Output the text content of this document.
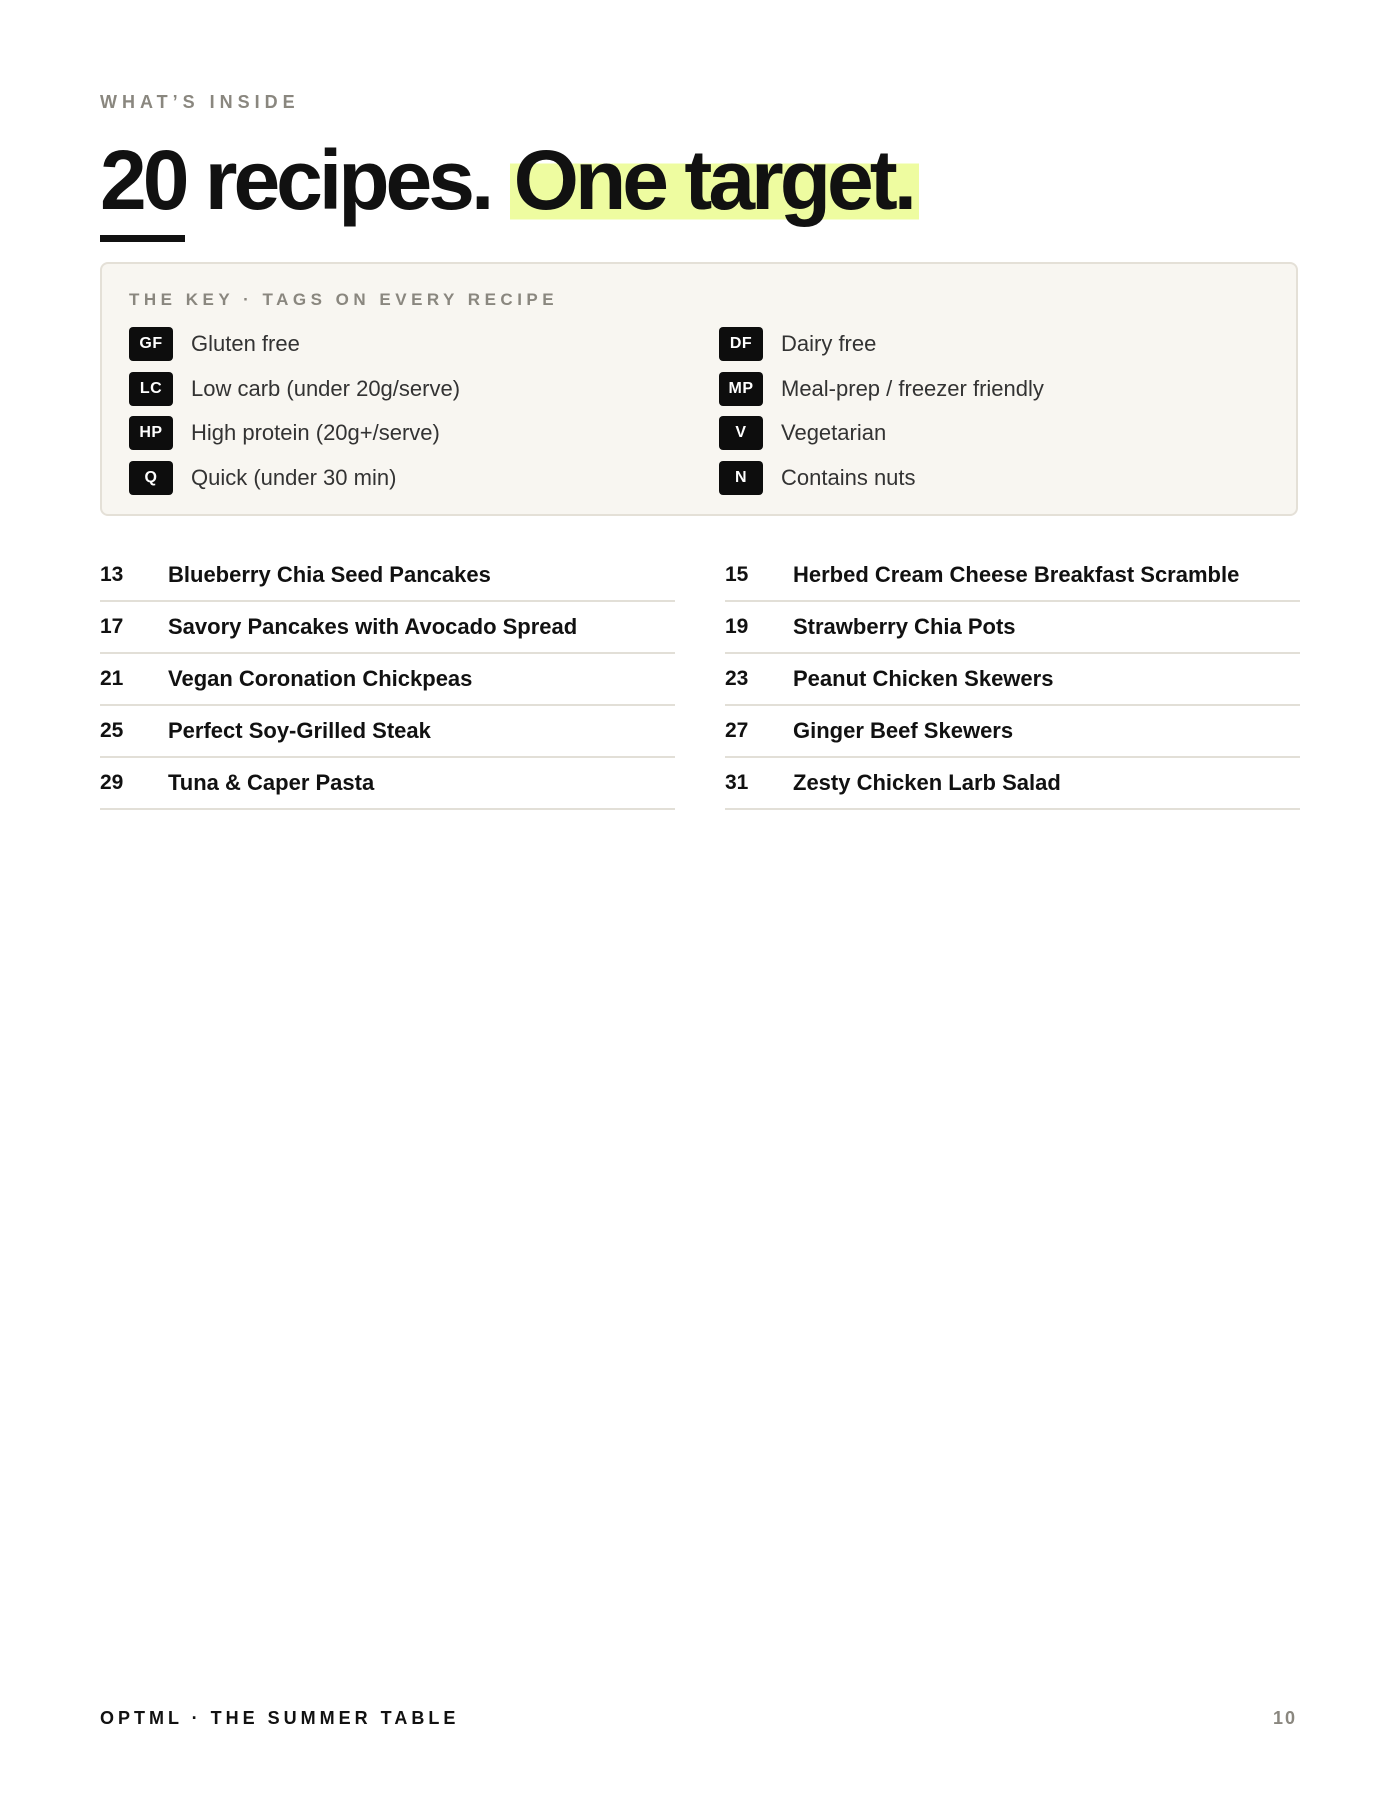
WHAT’S INSIDE
20 recipes. One target.
THE KEY · TAGS ON EVERY RECIPE
GF	Gluten free
LC	Low carb (under 20g/serve)
HP	High protein (20g+/serve)
Q	Quick (under 30 min)
DF	Dairy free
MP	Meal-prep / freezer friendly
V	Vegetarian
N	Contains nuts
13	Blueberry Chia Seed Pancakes
17	Savory Pancakes with Avocado Spread
21	Vegan Coronation Chickpeas
25	Perfect Soy-Grilled Steak
29	Tuna & Caper Pasta
15	Herbed Cream Cheese Breakfast Scramble
19	Strawberry Chia Pots
23	Peanut Chicken Skewers
27	Ginger Beef Skewers
31	Zesty Chicken Larb Salad
OPTML · THE SUMMER TABLE	10
